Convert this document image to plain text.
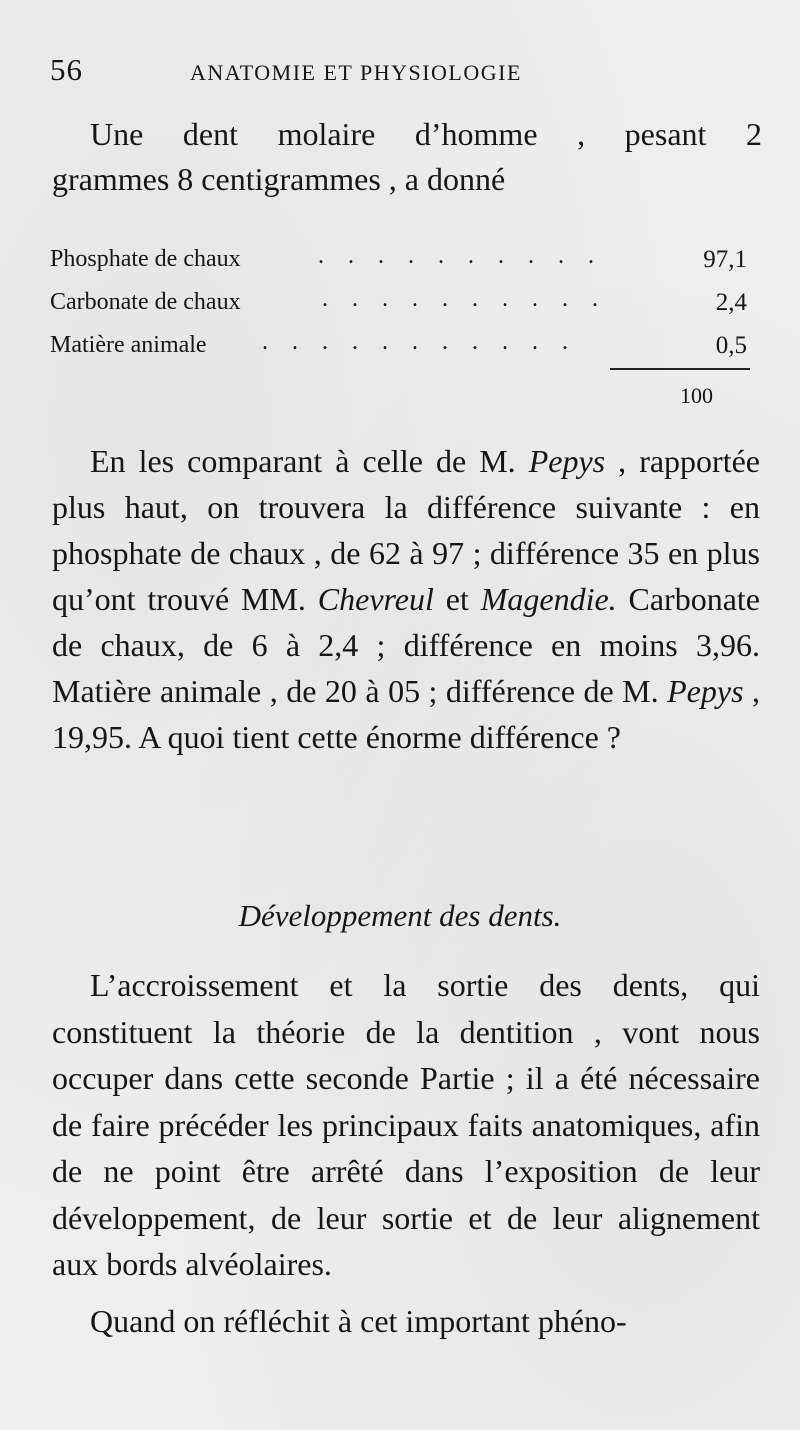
56	ANATOMIE ET PHYSIOLOGIE

Une dent molaire d’homme , pesant 2

grammes 8 centigrammes , a donné

Phosphate de chaux	. . . . . . . . . .	97,1
Carbonate de chaux	. . . . . . . . . .	2,4
Matière animale . . . . . . . . . . .	0,5
100

En les comparant à celle de M. Pepys , rapportée plus haut, on trouvera la différence suivante : en phosphate de chaux , de 62 à 97 ; différence 35 en plus qu’ont trouvé MM. Chevreul et Magendie. Carbonate de chaux, de 6 à 2,4 ; différence en moins 3,96. Matière animale , de 20 à 05 ; différence de M. Pepys , 19,95. A quoi tient cette énorme différence ?

Développement des dents.

L’accroissement et la sortie des dents, qui constituent la théorie de la dentition , vont nous occuper dans cette seconde Partie ; il a été nécessaire de faire précéder les principaux faits anatomiques, afin de ne point être arrêté dans l’exposition de leur développement, de leur sortie et de leur alignement aux bords alvéolaires.

Quand on réfléchit à cet important phéno-
